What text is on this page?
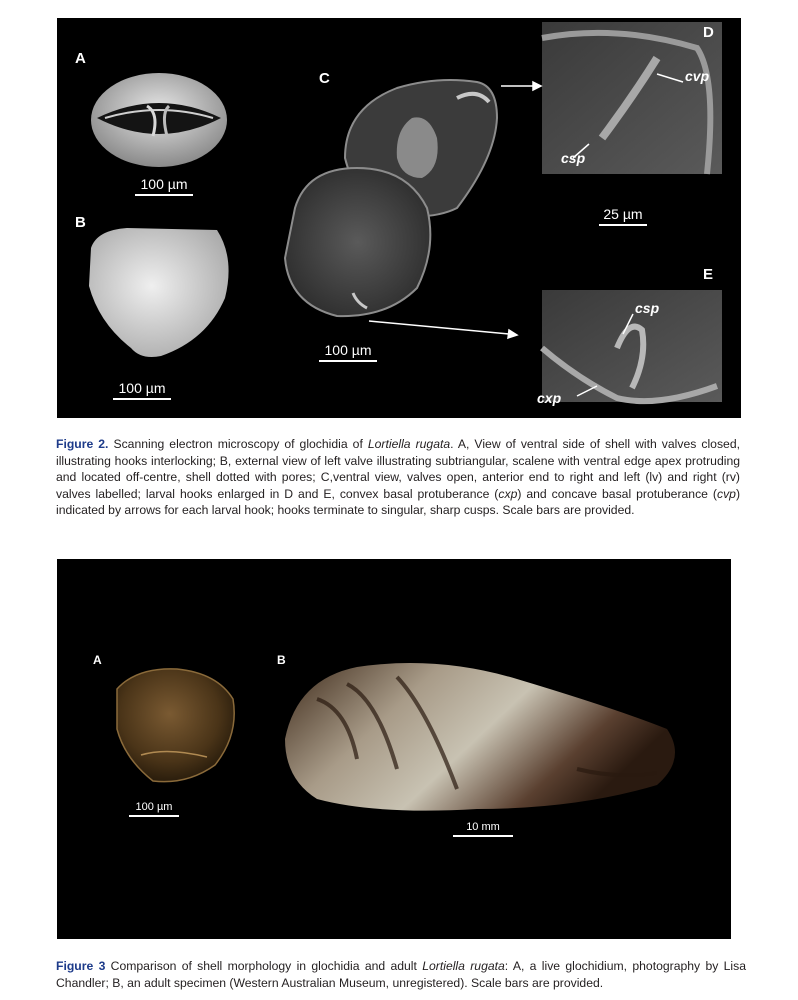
A
B
C
D
E
cvp
csp
csp
cxp
100 µm
100 µm
100 µm
25 µm
Figure 2. Scanning electron microscopy of glochidia of Lortiella rugata. A, View of ventral side of shell with valves closed, illustrating hooks interlocking; B, external view of left valve illustrating subtriangular, scalene with ventral edge apex protruding and located off-centre, shell dotted with pores; C,ventral view, valves open, anterior end to right and left (lv) and right (rv) valves labelled; larval hooks enlarged in D and E, convex basal protuberance (cxp) and concave basal protuberance (cvp) indicated by arrows for each larval hook; hooks terminate to singular, sharp cusps. Scale bars are provided.
A	B
100 µm
10 mm
Figure 3 Comparison of shell morphology in glochidia and adult Lortiella rugata: A, a live glochidium, photography by Lisa Chandler; B, an adult specimen (Western Australian Museum, unregistered). Scale bars are provided.
